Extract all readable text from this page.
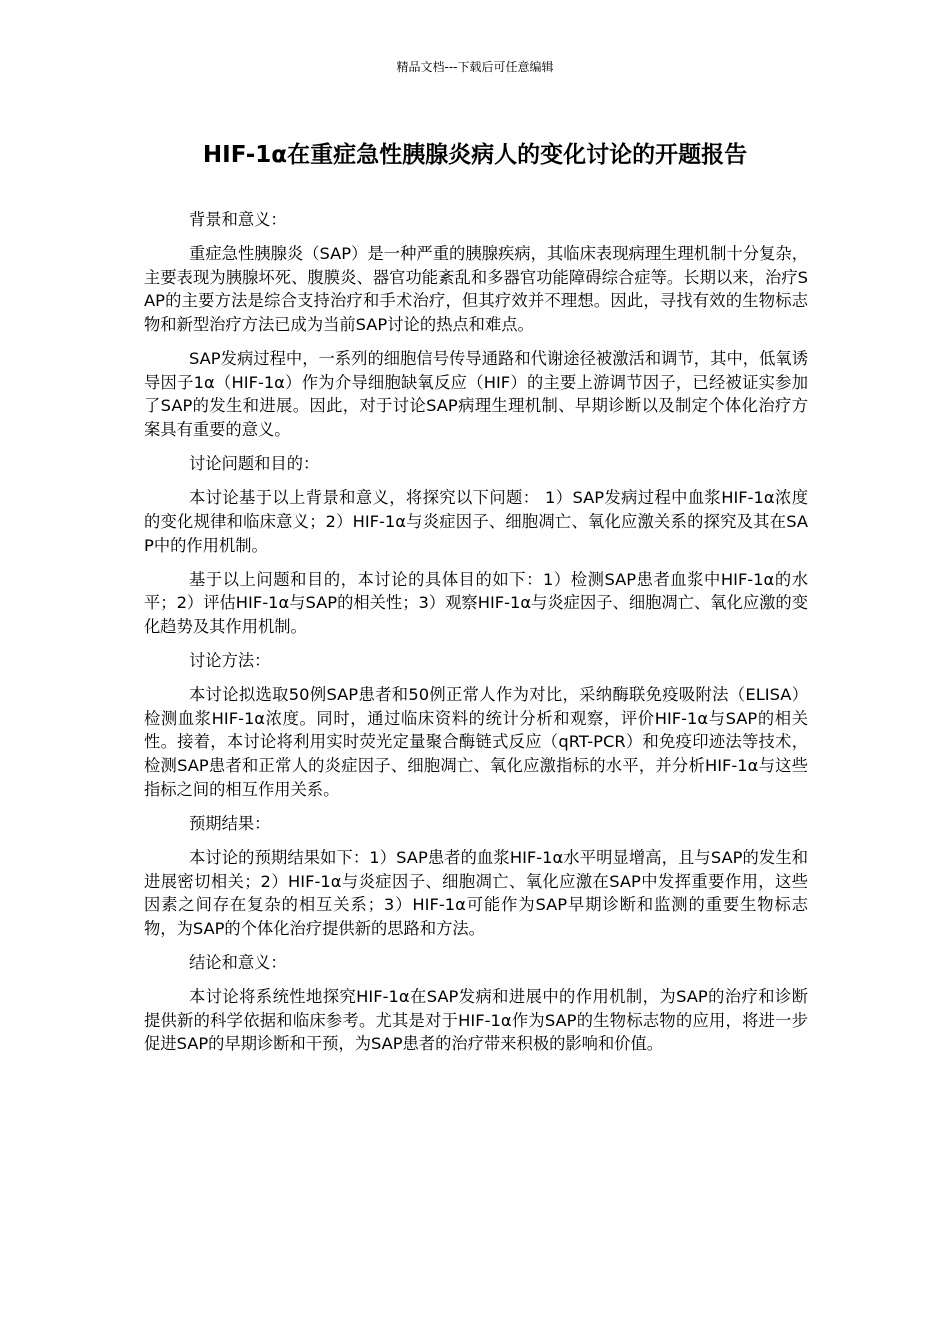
精品文档---下载后可任意编辑
HIF-1α在重症急性胰腺炎病人的变化讨论的开题报告

背景和意义：

重症急性胰腺炎（SAP）是一种严重的胰腺疾病，其临床表现病理生理机制十分复杂，主要表现为胰腺坏死、腹膜炎、器官功能紊乱和多器官功能障碍综合症等。长期以来，治疗SAP的主要方法是综合支持治疗和手术治疗，但其疗效并不理想。因此，寻找有效的生物标志物和新型治疗方法已成为当前SAP讨论的热点和难点。

SAP发病过程中，一系列的细胞信号传导通路和代谢途径被激活和调节，其中，低氧诱导因子1α（HIF-1α）作为介导细胞缺氧反应（HIF）的主要上游调节因子，已经被证实参加了SAP的发生和进展。因此，对于讨论SAP病理生理机制、早期诊断以及制定个体化治疗方案具有重要的意义。

讨论问题和目的：

本讨论基于以上背景和意义，将探究以下问题： 1）SAP发病过程中血浆HIF-1α浓度的变化规律和临床意义；2）HIF-1α与炎症因子、细胞凋亡、氧化应激关系的探究及其在SAP中的作用机制。

基于以上问题和目的，本讨论的具体目的如下：1）检测SAP患者血浆中HIF-1α的水平；2）评估HIF-1α与SAP的相关性；3）观察HIF-1α与炎症因子、细胞凋亡、氧化应激的变化趋势及其作用机制。

讨论方法：

本讨论拟选取50例SAP患者和50例正常人作为对比，采纳酶联免疫吸附法（ELISA）检测血浆HIF-1α浓度。同时，通过临床资料的统计分析和观察，评价HIF-1α与SAP的相关性。接着，本讨论将利用实时荧光定量聚合酶链式反应（qRT-PCR）和免疫印迹法等技术，检测SAP患者和正常人的炎症因子、细胞凋亡、氧化应激指标的水平，并分析HIF-1α与这些指标之间的相互作用关系。

预期结果：

本讨论的预期结果如下：1）SAP患者的血浆HIF-1α水平明显增高，且与SAP的发生和进展密切相关；2）HIF-1α与炎症因子、细胞凋亡、氧化应激在SAP中发挥重要作用，这些因素之间存在复杂的相互关系；3）HIF-1α可能作为SAP早期诊断和监测的重要生物标志物，为SAP的个体化治疗提供新的思路和方法。

结论和意义：

本讨论将系统性地探究HIF-1α在SAP发病和进展中的作用机制，为SAP的治疗和诊断提供新的科学依据和临床参考。尤其是对于HIF-1α作为SAP的生物标志物的应用，将进一步促进SAP的早期诊断和干预，为SAP患者的治疗带来积极的影响和价值。
